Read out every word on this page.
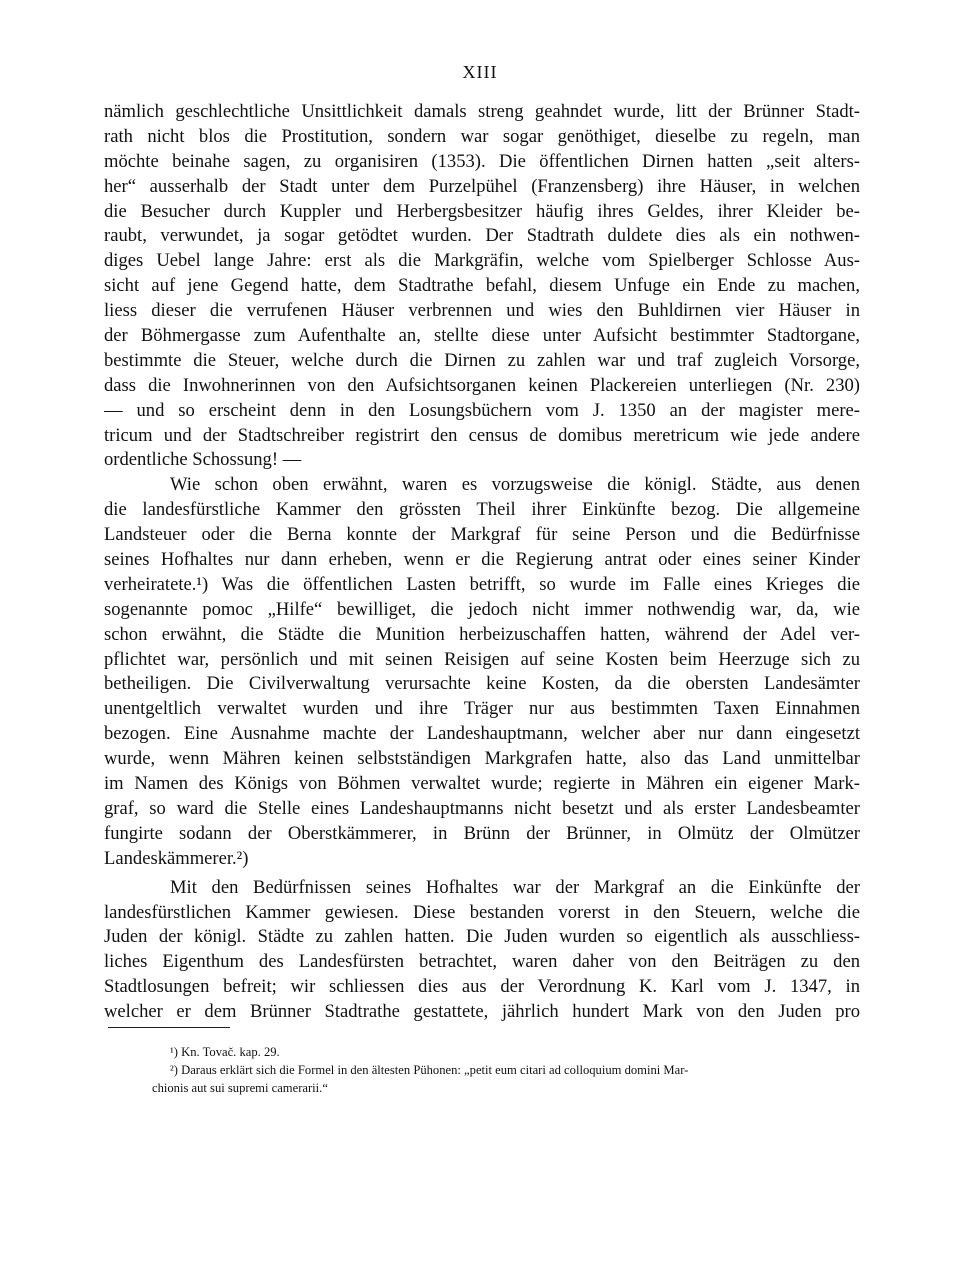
XIII
nämlich geschlechtliche Unsittlichkeit damals streng geahndet wurde, litt der Brünner Stadt-
rath nicht blos die Prostitution, sondern war sogar genöthiget, dieselbe zu regeln, man
möchte beinahe sagen, zu organisiren (1353). Die öffentlichen Dirnen hatten „seit alters-
her“ ausserhalb der Stadt unter dem Purzelpühel (Franzensberg) ihre Häuser, in welchen
die Besucher durch Kuppler und Herbergsbesitzer häufig ihres Geldes, ihrer Kleider be-
raubt, verwundet, ja sogar getödtet wurden. Der Stadtrath duldete dies als ein nothwen-
diges Uebel lange Jahre: erst als die Markgräfin, welche vom Spielberger Schlosse Aus-
sicht auf jene Gegend hatte, dem Stadtrathe befahl, diesem Unfuge ein Ende zu machen,
liess dieser die verrufenen Häuser verbrennen und wies den Buhldirnen vier Häuser in
der Böhmergasse zum Aufenthalte an, stellte diese unter Aufsicht bestimmter Stadtorgane,
bestimmte die Steuer, welche durch die Dirnen zu zahlen war und traf zugleich Vorsorge,
dass die Inwohnerinnen von den Aufsichtsorganen keinen Plackereien unterliegen (Nr. 230)
— und so erscheint denn in den Losungsbüchern vom J. 1350 an der magister mere-
tricum und der Stadtschreiber registrirt den census de domibus meretricum wie jede andere
ordentliche Schossung! —
Wie schon oben erwähnt, waren es vorzugsweise die königl. Städte, aus denen
die landesfürstliche Kammer den grössten Theil ihrer Einkünfte bezog. Die allgemeine
Landsteuer oder die Berna konnte der Markgraf für seine Person und die Bedürfnisse
seines Hofhaltes nur dann erheben, wenn er die Regierung antrat oder eines seiner Kinder
verheiratete.¹) Was die öffentlichen Lasten betrifft, so wurde im Falle eines Krieges die
sogenannte pomoc „Hilfe“ bewilliget, die jedoch nicht immer nothwendig war, da, wie
schon erwähnt, die Städte die Munition herbeizuschaffen hatten, während der Adel ver-
pflichtet war, persönlich und mit seinen Reisigen auf seine Kosten beim Heerzuge sich zu
betheiligen. Die Civilverwaltung verursachte keine Kosten, da die obersten Landesämter
unentgeltlich verwaltet wurden und ihre Träger nur aus bestimmten Taxen Einnahmen
bezogen. Eine Ausnahme machte der Landeshauptmann, welcher aber nur dann eingesetzt
wurde, wenn Mähren keinen selbstständigen Markgrafen hatte, also das Land unmittelbar
im Namen des Königs von Böhmen verwaltet wurde; regierte in Mähren ein eigener Mark-
graf, so ward die Stelle eines Landeshauptmanns nicht besetzt und als erster Landesbeamter
fungirte sodann der Oberstkämmerer, in Brünn der Brünner, in Olmütz der Olmützer
Landeskämmerer.²)
Mit den Bedürfnissen seines Hofhaltes war der Markgraf an die Einkünfte der
landesfürstlichen Kammer gewiesen. Diese bestanden vorerst in den Steuern, welche die
Juden der königl. Städte zu zahlen hatten. Die Juden wurden so eigentlich als ausschliess-
liches Eigenthum des Landesfürsten betrachtet, waren daher von den Beiträgen zu den
Stadtlosungen befreit; wir schliessen dies aus der Verordnung K. Karl vom J. 1347, in
welcher er dem Brünner Stadtrathe gestattete, jährlich hundert Mark von den Juden pro
¹) Kn. Tovač. kap. 29.
²) Daraus erklärt sich die Formel in den ältesten Pühonen: „petit eum citari ad colloquium domini Mar-
chionis aut sui supremi camerarii.“
